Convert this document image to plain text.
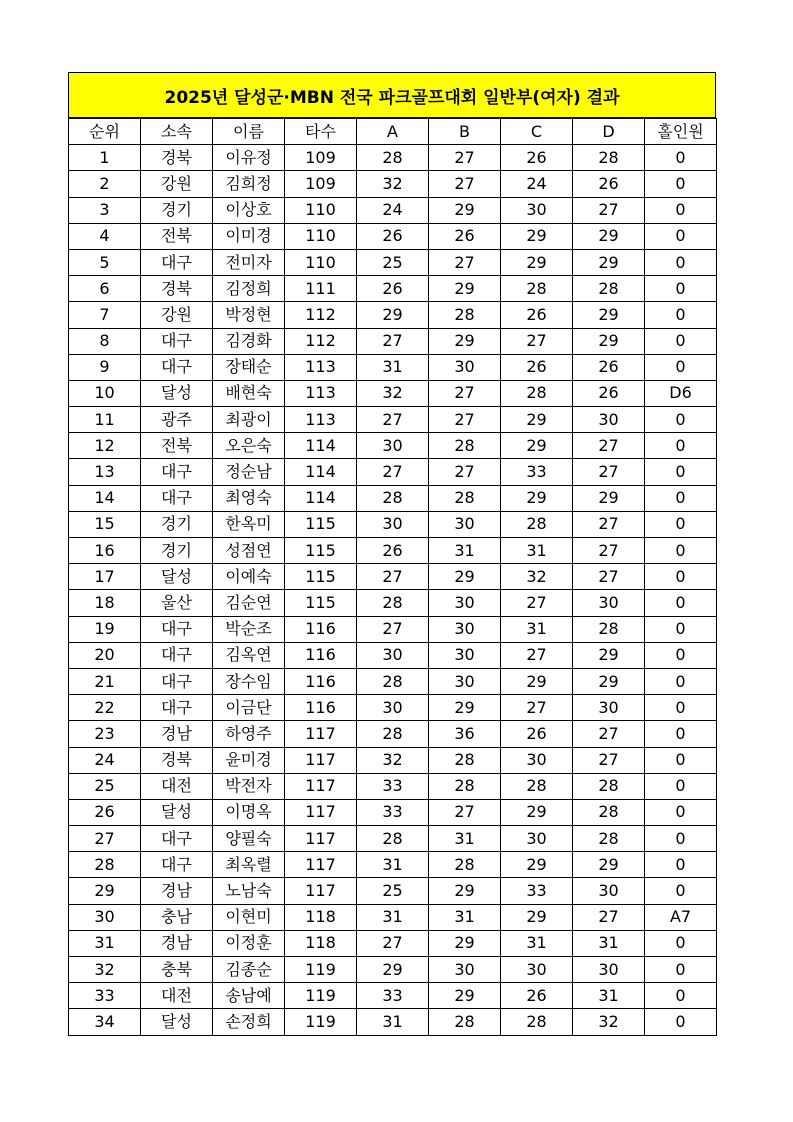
2025년 달성군·MBN 전국 파크골프대회 일반부(여자) 결과
순위	소속	이름	타수	A	B	C	D	홀인원
1	경북	이유정	109	28	27	26	28	0
2	강원	김희정	109	32	27	24	26	0
3	경기	이상호	110	24	29	30	27	0
4	전북	이미경	110	26	26	29	29	0
5	대구	전미자	110	25	27	29	29	0
6	경북	김정희	111	26	29	28	28	0
7	강원	박정현	112	29	28	26	29	0
8	대구	김경화	112	27	29	27	29	0
9	대구	장태순	113	31	30	26	26	0
10	달성	배현숙	113	32	27	28	26	D6
11	광주	최광이	113	27	27	29	30	0
12	전북	오은숙	114	30	28	29	27	0
13	대구	정순남	114	27	27	33	27	0
14	대구	최영숙	114	28	28	29	29	0
15	경기	한옥미	115	30	30	28	27	0
16	경기	성점연	115	26	31	31	27	0
17	달성	이예숙	115	27	29	32	27	0
18	울산	김순연	115	28	30	27	30	0
19	대구	박순조	116	27	30	31	28	0
20	대구	김옥연	116	30	30	27	29	0
21	대구	장수임	116	28	30	29	29	0
22	대구	이금단	116	30	29	27	30	0
23	경남	하영주	117	28	36	26	27	0
24	경북	윤미경	117	32	28	30	27	0
25	대전	박전자	117	33	28	28	28	0
26	달성	이명옥	117	33	27	29	28	0
27	대구	양필숙	117	28	31	30	28	0
28	대구	최옥렬	117	31	28	29	29	0
29	경남	노남숙	117	25	29	33	30	0
30	충남	이현미	118	31	31	29	27	A7
31	경남	이정훈	118	27	29	31	31	0
32	충북	김종순	119	29	30	30	30	0
33	대전	송남예	119	33	29	26	31	0
34	달성	손정희	119	31	28	28	32	0
